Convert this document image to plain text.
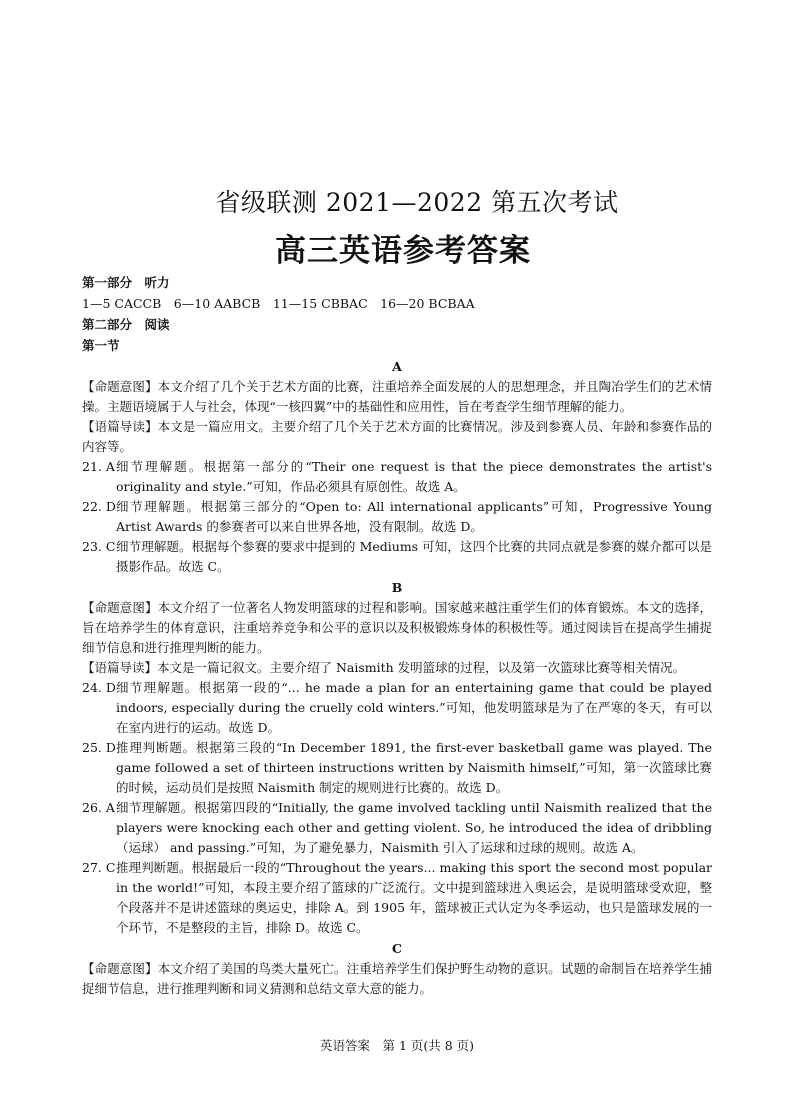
省级联测 2021—2022 第五次考试
高三英语参考答案
第一部分　听力
1—5 CACCB　6—10 AABCB　11—15 CBBAC　16—20 BCBAA
第二部分　阅读
第一节
A

【命题意图】本文介绍了几个关于艺术方面的比赛，注重培养全面发展的人的思想理念，并且陶冶学生们的艺术情操。主题语境属于人与社会，体现“一核四翼”中的基础性和应用性，旨在考查学生细节理解的能力。

【语篇导读】本文是一篇应用文。主要介绍了几个关于艺术方面的比赛情况。涉及到参赛人员、年龄和参赛作品的内容等。

21. A 细节理解题。根据第一部分的“Their one request is that the piece demonstrates the artist's originality and style.”可知，作品必须具有原创性。故选 A。
22. D 细节理解题。根据第三部分的“Open to: All international applicants”可知，Progressive Young Artist Awards 的参赛者可以来自世界各地，没有限制。故选 D。
23. C 细节理解题。根据每个参赛的要求中提到的 Mediums 可知，这四个比赛的共同点就是参赛的媒介都可以是摄影作品。故选 C。
B

【命题意图】本文介绍了一位著名人物发明篮球的过程和影响。国家越来越注重学生们的体育锻炼。本文的选择，旨在培养学生的体育意识，注重培养竞争和公平的意识以及积极锻炼身体的积极性等。通过阅读旨在提高学生捕捉细节信息和进行推理判断的能力。

【语篇导读】本文是一篇记叙文。主要介绍了 Naismith 发明篮球的过程，以及第一次篮球比赛等相关情况。

24. D 细节理解题。根据第一段的“... he made a plan for an entertaining game that could be played indoors, especially during the cruelly cold winters.”可知，他发明篮球是为了在严寒的冬天，有可以在室内进行的运动。故选 D。
25. D 推理判断题。根据第三段的“In December 1891, the first-ever basketball game was played. The game followed a set of thirteen instructions written by Naismith himself,”可知，第一次篮球比赛的时候，运动员们是按照 Naismith 制定的规则进行比赛的。故选 D。
26. A 细节理解题。根据第四段的“Initially, the game involved tackling until Naismith realized that the players were knocking each other and getting violent. So, he introduced the idea of dribbling（运球） and passing.”可知，为了避免暴力，Naismith 引入了运球和过球的规则。故选 A。
27. C 推理判断题。根据最后一段的“Throughout the years... making this sport the second most popular in the world!”可知，本段主要介绍了篮球的广泛流行。文中提到篮球进入奥运会，是说明篮球受欢迎，整个段落并不是讲述篮球的奥运史，排除 A。到 1905 年，篮球被正式认定为冬季运动，也只是篮球发展的一个环节，不是整段的主旨，排除 D。故选 C。
C

【命题意图】本文介绍了美国的鸟类大量死亡。注重培养学生们保护野生动物的意识。试题的命制旨在培养学生捕捉细节信息，进行推理判断和词义猜测和总结文章大意的能力。

英语答案　第 1 页(共 8 页)
